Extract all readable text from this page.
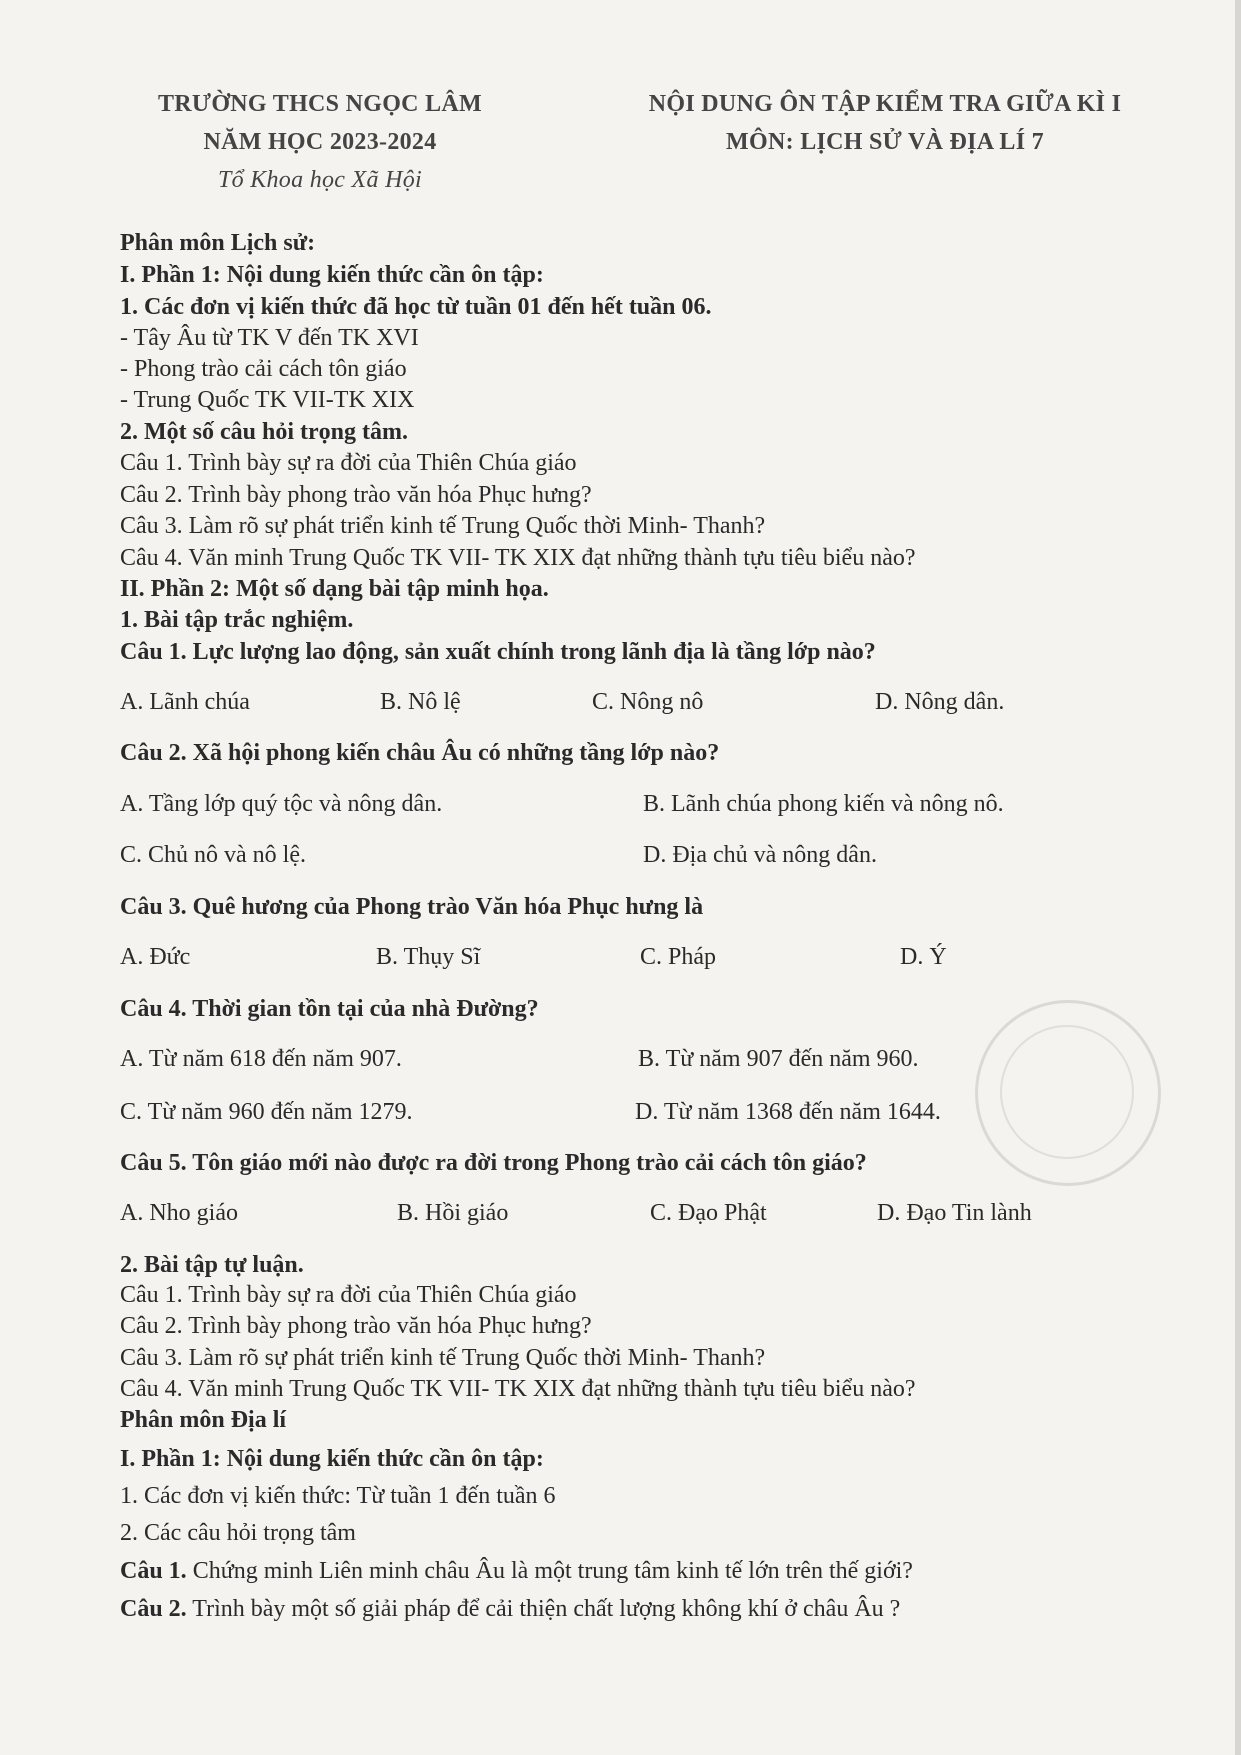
TRƯỜNG THCS NGỌC LÂM
NĂM HỌC 2023-2024
Tổ Khoa học Xã Hội
NỘI DUNG ÔN TẬP KIỂM TRA GIỮA KÌ I
MÔN: LỊCH SỬ VÀ ĐỊA LÍ 7
Phân môn Lịch sử:
I. Phần 1: Nội dung kiến thức cần ôn tập:
1. Các đơn vị kiến thức đã học từ tuần 01 đến hết tuần 06.
- Tây Âu từ TK V đến TK XVI
- Phong trào cải cách tôn giáo
- Trung Quốc TK VII-TK XIX
2. Một số câu hỏi trọng tâm.
Câu 1. Trình bày sự ra đời của Thiên Chúa giáo
Câu 2. Trình bày phong trào văn hóa Phục hưng?
Câu 3. Làm rõ sự phát triển kinh tế Trung Quốc thời Minh- Thanh?
Câu 4. Văn minh Trung Quốc TK VII- TK XIX đạt những thành tựu tiêu biểu nào?
II. Phần 2: Một số dạng bài tập minh họa.
1. Bài tập trắc nghiệm.
Câu 1. Lực lượng lao động, sản xuất chính trong lãnh địa là tầng lớp nào?
A. Lãnh chúa	B. Nô lệ	C. Nông nô	D. Nông dân.
Câu 2. Xã hội phong kiến châu Âu có những tầng lớp nào?
A. Tầng lớp quý tộc và nông dân.	B. Lãnh chúa phong kiến và nông nô.
C. Chủ nô và nô lệ.	D. Địa chủ và nông dân.
Câu 3. Quê hương của Phong trào Văn hóa Phục hưng là
A. Đức	B. Thụy Sĩ	C. Pháp	D. Ý
Câu 4. Thời gian tồn tại của nhà Đường?
A. Từ năm 618 đến năm 907.	B. Từ năm 907 đến năm 960.
C. Từ năm 960 đến năm 1279.	D. Từ năm 1368 đến năm 1644.
Câu 5. Tôn giáo mới nào được ra đời trong Phong trào cải cách tôn giáo?
A. Nho giáo	B. Hồi giáo	C. Đạo Phật	D. Đạo Tin lành
2. Bài tập tự luận.
Câu 1. Trình bày sự ra đời của Thiên Chúa giáo
Câu 2. Trình bày phong trào văn hóa Phục hưng?
Câu 3. Làm rõ sự phát triển kinh tế Trung Quốc thời Minh- Thanh?
Câu 4. Văn minh Trung Quốc TK VII- TK XIX đạt những thành tựu tiêu biểu nào?
Phân môn Địa lí
I. Phần 1: Nội dung kiến thức cần ôn tập:
1. Các đơn vị kiến thức: Từ tuần 1 đến tuần 6
2. Các câu hỏi trọng tâm
Câu 1. Chứng minh Liên minh châu Âu là một trung tâm kinh tế lớn trên thế giới?
Câu 2. Trình bày một số giải pháp để cải thiện chất lượng không khí ở châu Âu ?
